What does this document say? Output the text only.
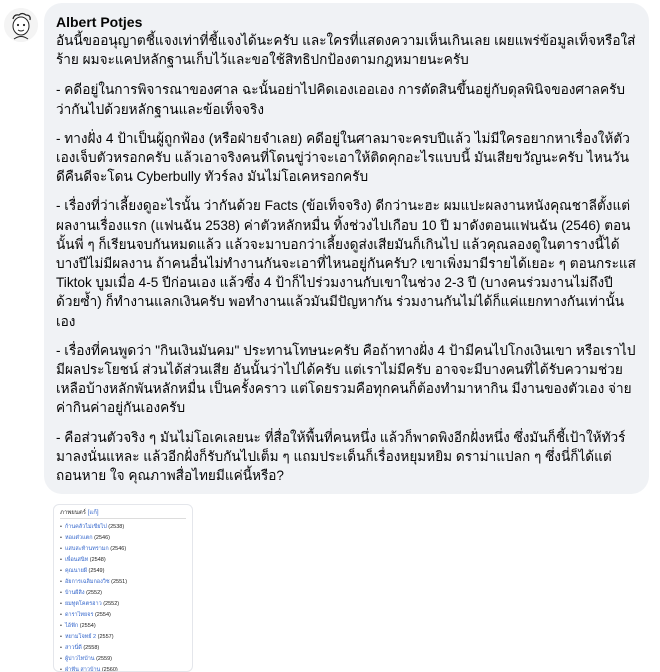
Albert Potjes

อันนี้ขออนุญาตชี้แจงเท่าที่ชี้แจงได้นะครับ และใครที่แสดงความเห็นเกินเลย เผยแพร่ข้อมูลเท็จหรือใส่ร้าย ผมจะแคปหลักฐานเก็บไว้และขอใช้สิทธิปกป้องตามกฎหมายนะครับ

- คดีอยู่ในการพิจารณาของศาล ฉะนั้นอย่าไปคิดเองเออเอง การตัดสินขึ้นอยู่กับดุลพินิจของศาลครับ ว่ากันไปด้วยหลักฐานและข้อเท็จจริง

- ทางฝั่ง 4 ป้าเป็นผู้ถูกฟ้อง (หรือฝ่ายจำเลย) คดีอยู่ในศาลมาจะครบปีแล้ว ไม่มีใครอยากหาเรื่องให้ตัวเองเจ็บตัวหรอกครับ แล้วเอาจริงคนที่โดนขู่ว่าจะเอาให้ติดคุกอะไรแบบนี้ มันเสียขวัญนะครับ ไหนวันดีคืนดีจะโดน Cyberbully ทัวร์ลง มันไม่โอเคหรอกครับ

- เรื่องที่ว่าเลี้ยงดูอะไรนั้น ว่ากันด้วย Facts (ข้อเท็จจริง) ดีกว่านะฮะ ผมแปะผลงานหนังคุณชาลีตั้งแต่ผลงานเรื่องแรก (แฟนฉัน 2538) ค่าตัวหลักหมื่น ทิ้งช่วงไปเกือบ 10 ปี มาดังตอนแฟนฉัน (2546) ตอนนั้นพี่ ๆ ก็เรียนจบกันหมดแล้ว แล้วจะมาบอกว่าเลี้ยงดูส่งเสียมันก็เกินไป แล้วคุณลองดูในตารางนี้ได้ บางปีไม่มีผลงาน ถ้าคนอื่นไม่ทำงานกันจะเอาที่ไหนอยู่กันครับ? เขาเพิ่งมามีรายได้เยอะ ๆ ตอนกระแส Tiktok บูมเมื่อ 4-5 ปีก่อนเอง แล้วซึ่ง 4 ป้าก็ไปร่วมงานกับเขาในช่วง 2-3 ปี (บางคนร่วมงานไม่ถึงปีด้วยซ้ำ) ก็ทำงานแลกเงินครับ พอทำงานแล้วมันมีปัญหากัน ร่วมงานกันไม่ได้ก็แค่แยกทางกันเท่านั้นเอง

- เรื่องที่คนพูดว่า "กินเงินมันคม" ประทานโทษนะครับ คือถ้าทางฝั่ง 4 ป้ามีคนไปโกงเงินเขา หรือเราไปมีผลประโยชน์ ส่วนได้ส่วนเสีย อันนั้นว่าไปได้ครับ แต่เราไม่มีครับ อาจจะมีบางคนที่ได้รับความช่วยเหลือบ้างหลักพันหลักหมื่น เป็นครั้งคราว แต่โดยรวมคือทุกคนก็ต้องทำมาหากิน มีงานของตัวเอง จ่ายค่ากินค่าอยู่กันเองครับ

- คือส่วนตัวจริง ๆ มันไม่โอเคเลยนะ ที่สื่อให้พื้นที่คนหนึ่ง แล้วก็พาดพิงอีกฝั่งหนึ่ง ซึ่งมันก็ชี้เป้าให้ทัวร์มาลงนั่นแหละ แล้วอีกฝั่งก็รับกันไปเต็ม ๆ แถมประเด็นก็เรื่องหยุมหยิม ดราม่าแปลก ๆ ซึ่งนี่ก็ได้แต่ถอนหาย ใจ คุณภาพสื่อไทยมีแค่นี้หรือ?

ภาพยนตร์ [แก้]
• ก้านคลัวไม่เขียไป (2538)
• หอแต๋วแตก (2546)
• แสบสะท้านทรามก (2546)
• เพื่อนสนิท (2548)
• คุณนายผี (2549)
• อัยการเฉลิมกองวิช (2551)
• บ้านผีสิง (2552)
• ยมทูตโคตรฮาว (2552)
• ดาราไทยจร (2554)
• ไอ้ฟัก (2554)
• หยามโจทย์ 2 (2557)
• สาวนี่ดี (2558)
• ผู้บ่าวไทบ้าน (2559)
• ฝ่าฟัน สาวบ้าน (2560)
